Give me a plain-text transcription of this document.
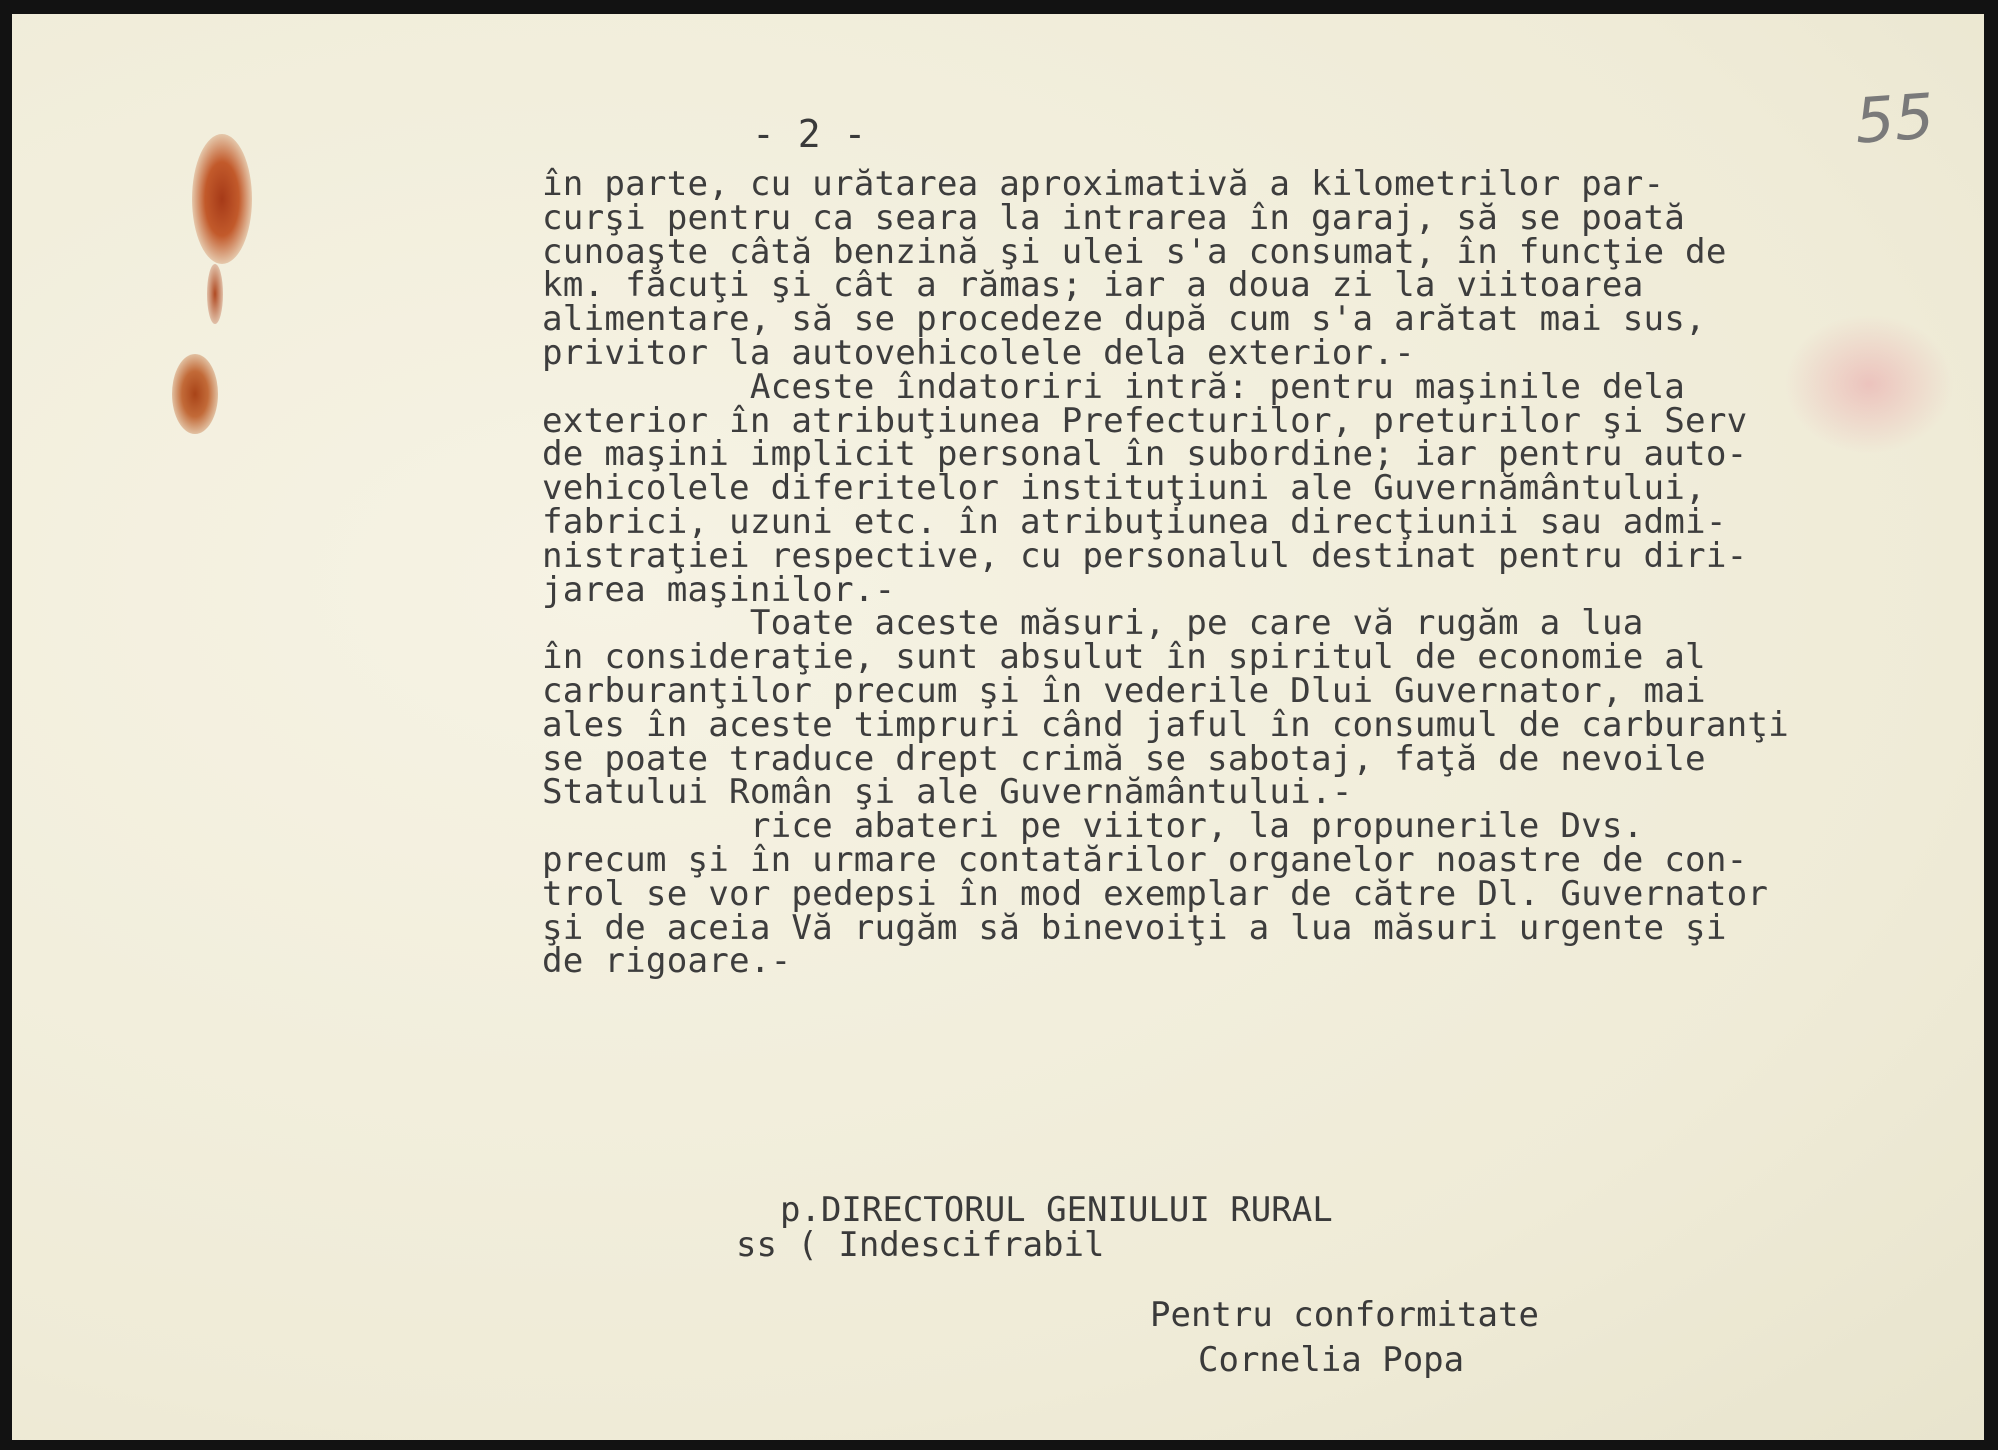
- 2 -	55
în parte, cu urătarea aproximativă a kilometrilor par-
curşi pentru ca seara la intrarea în garaj, să se poată
cunoaşte câtă benzină şi ulei s'a consumat, în funcţie de
km. făcuţi şi cât a rămas; iar a doua zi la viitoarea
alimentare, să se procedeze după cum s'a arătat mai sus,
privitor la autovehicolele dela exterior.-
Aceste îndatoriri intră: pentru maşinile dela
exterior în atribuţiunea Prefecturilor, preturilor şi Serv
de maşini implicit personal în subordine; iar pentru auto-
vehicolele diferitelor instituţiuni ale Guvernământului,
fabrici, uzuni etc. în atribuţiunea direcţiunii sau admi-
nistraţiei respective, cu personalul destinat pentru diri-
jarea maşinilor.-
Toate aceste măsuri, pe care vă rugăm a lua
în consideraţie, sunt absulut în spiritul de economie al
carburanţilor precum şi în vederile Dlui Guvernator, mai
ales în aceste timpruri când jaful în consumul de carburanţi
se poate traduce drept crimă se sabotaj, faţă de nevoile
Statului Român şi ale Guvernământului.-
rice abateri pe viitor, la propunerile Dvs.
precum şi în urmare contatărilor organelor noastre de con-
trol se vor pedepsi în mod exemplar de către Dl. Guvernator
şi de aceia Vă rugăm să binevoiţi a lua măsuri urgente şi
de rigoare.-
p.DIRECTORUL GENIULUI RURAL
ss ( Indescifrabil
Pentru conformitate
Cornelia Popa
